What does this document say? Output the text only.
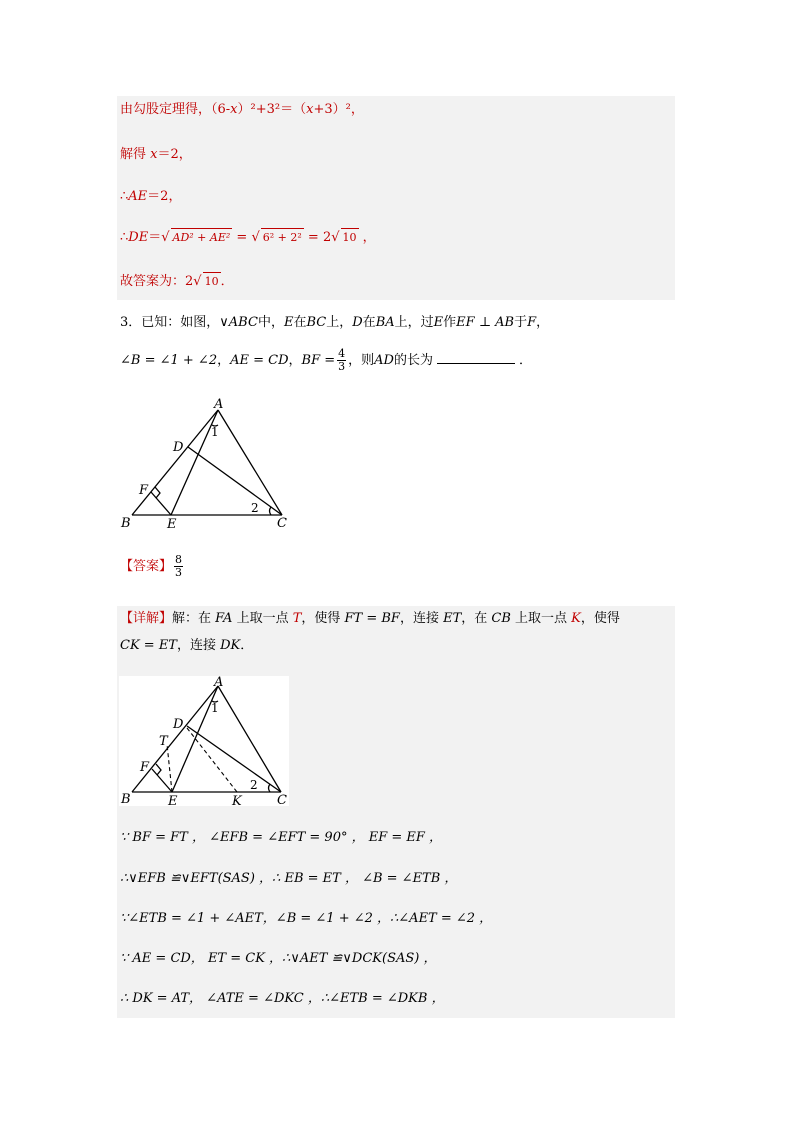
由勾股定理得，（6-x）²+3²＝（x+3）²，
解得 x＝2，
∴AE＝2，
∴DE＝√ AD² + AE² = √ 6² + 2² = 2√ 10 ，
故答案为：2√ 10 ．
3．已知：如图，∨ABC中，E在BC上，D在BA上，过E作EF ⊥ AB于F，
∠B = ∠1 + ∠2，AE = CD，BF = $\frac{4}{3}$ ，则AD的长为	．
A
B	C
D
E
F
1
2
【答案】 $\frac{8}{3}$
【详解】解：在 FA 上取一点 T，使得 FT = BF，连接 ET，在 CB 上取一点 K，使得
CK = ET，连接 DK．
A
B	C
D
E
F
T
K
1
2
∵ BF = FT ， ∠EFB = ∠EFT = 90° ， EF = EF ，
∴∨EFB ≌∨EFT(SAS) ，∴ EB = ET ， ∠B = ∠ETB ，
∵∠ETB = ∠1 + ∠AET，∠B = ∠1 + ∠2 ，∴∠AET = ∠2 ，
∵ AE = CD， ET = CK ，∴∨AET ≌∨DCK(SAS) ，
∴ DK = AT， ∠ATE = ∠DKC ，∴∠ETB = ∠DKB ，
